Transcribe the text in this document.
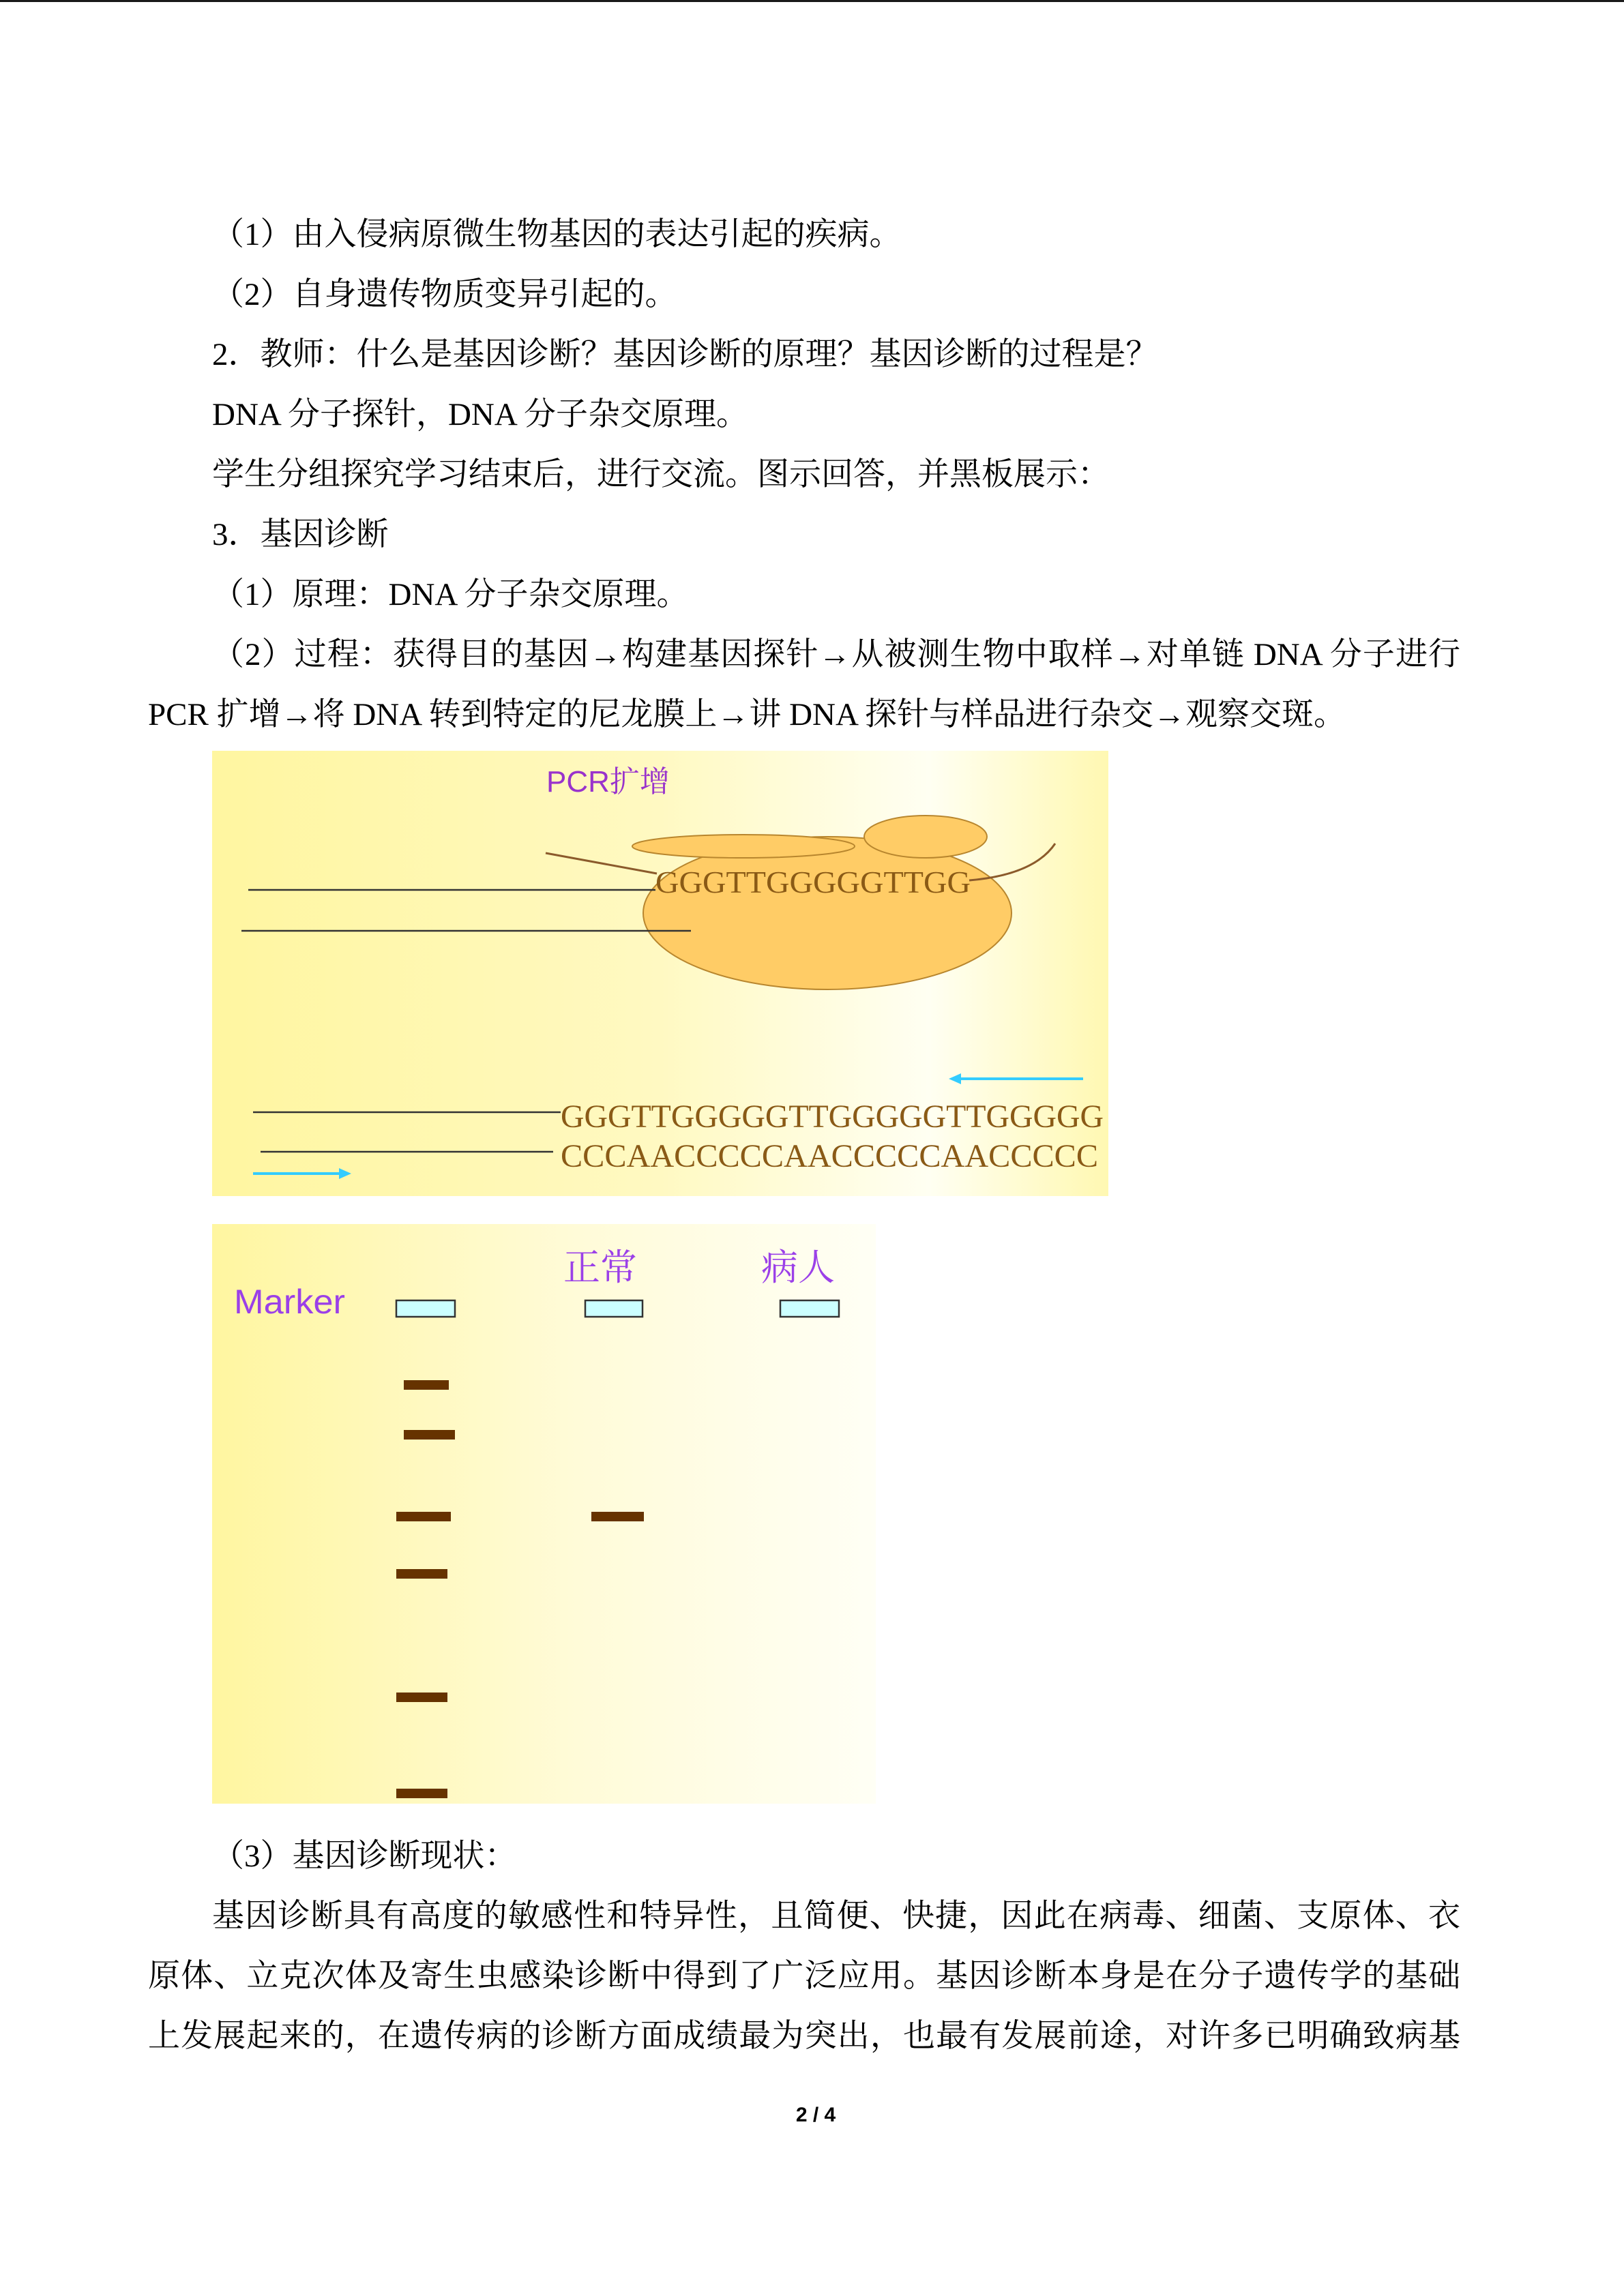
（1）由入侵病原微生物基因的表达引起的疾病。
（2）自身遗传物质变异引起的。
2．教师：什么是基因诊断？基因诊断的原理？基因诊断的过程是？
DNA 分子探针，DNA 分子杂交原理。
学生分组探究学习结束后，进行交流。图示回答，并黑板展示：
3．基因诊断
（1）原理：DNA 分子杂交原理。
（2）过程：获得目的基因→构建基因探针→从被测生物中取样→对单链 DNA 分子进行
PCR 扩增→将 DNA 转到特定的尼龙膜上→讲 DNA 探针与样品进行杂交→观察交斑。
PCR扩增
GGGTTGGGGGTTGG
GGGTTGGGGGTTGGGGGTTGGGGG
CCCAACCCCCAACCCCCAACCCCC
Marker
正常	病人
（3）基因诊断现状：
基因诊断具有高度的敏感性和特异性，且简便、快捷，因此在病毒、细菌、支原体、衣
原体、立克次体及寄生虫感染诊断中得到了广泛应用。基因诊断本身是在分子遗传学的基础
上发展起来的，在遗传病的诊断方面成绩最为突出，也最有发展前途，对许多已明确致病基
2 / 4
